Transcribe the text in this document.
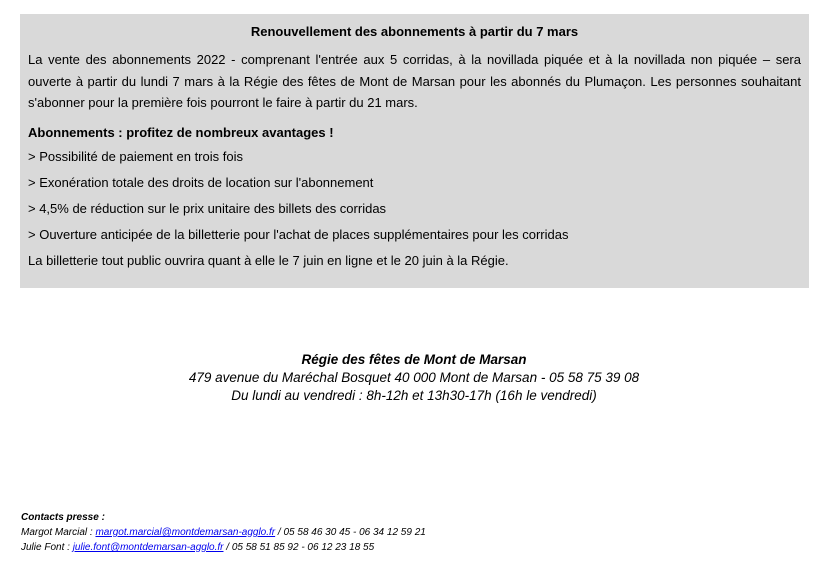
Renouvellement des abonnements à partir du 7 mars

La vente des abonnements 2022 - comprenant l'entrée aux 5 corridas, à la novillada piquée et à la novillada non piquée – sera ouverte à partir du lundi 7 mars à la Régie des fêtes de Mont de Marsan pour les abonnés du Plumaçon. Les personnes souhaitant s'abonner pour la première fois pourront le faire à partir du 21 mars.

Abonnements : profitez de nombreux avantages !

> Possibilité de paiement en trois fois
> Exonération totale des droits de location sur l'abonnement
> 4,5% de réduction sur le prix unitaire des billets des corridas
> Ouverture anticipée de la billetterie pour l'achat de places supplémentaires pour les corridas

La billetterie tout public ouvrira quant à elle le 7 juin en ligne et le 20 juin à la Régie.

Régie des fêtes de Mont de Marsan
479 avenue du Maréchal Bosquet 40 000 Mont de Marsan - 05 58 75 39 08
Du lundi au vendredi : 8h-12h et 13h30-17h (16h le vendredi)
Contacts presse :
Margot Marcial : margot.marcial@montdemarsan-agglo.fr / 05 58 46 30 45 - 06 34 12 59 21
Julie Font : julie.font@montdemarsan-agglo.fr / 05 58 51 85 92 - 06 12 23 18 55
